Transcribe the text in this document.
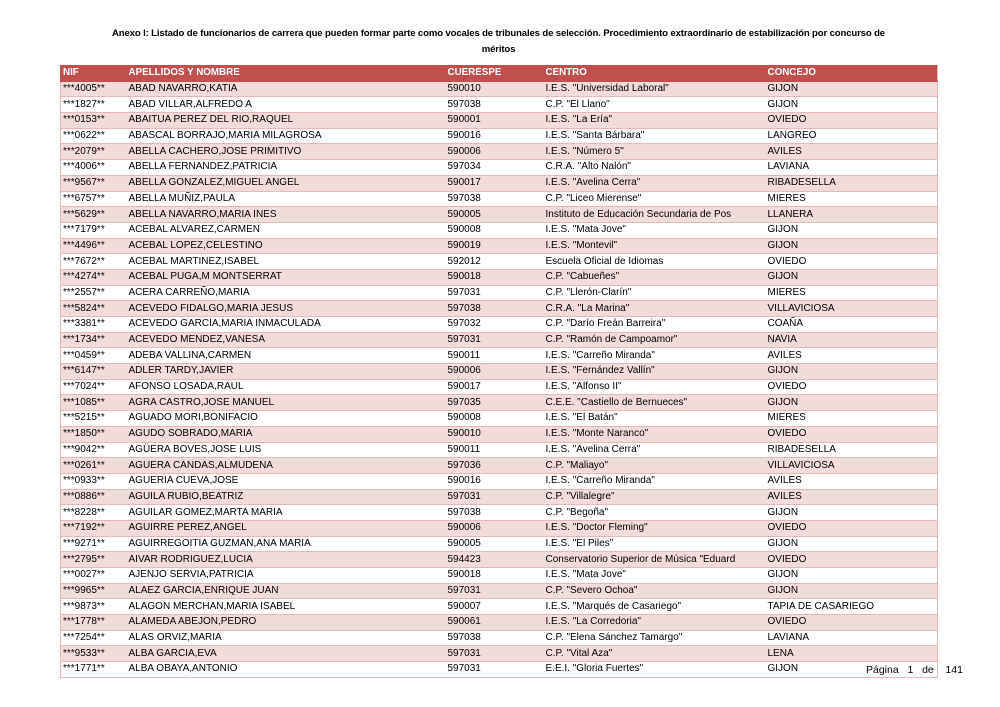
Anexo I: Listado de funcionarios de carrera que pueden formar parte como vocales de tribunales de selección. Procedimiento extraordinario de estabilización por concurso de
méritos
NIF	APELLIDOS Y NOMBRE	CUERESPE	CENTRO	CONCEJO
***4005**	ABAD NAVARRO,KATIA	590010	I.E.S. "Universidad Laboral"	GIJON
***1827**	ABAD VILLAR,ALFREDO A	597038	C.P. "El Llano"	GIJON
***0153**	ABAITUA PEREZ DEL RIO,RAQUEL	590001	I.E.S. "La Ería"	OVIEDO
***0622**	ABASCAL BORRAJO,MARIA MILAGROSA	590016	I.E.S. "Santa Bárbara"	LANGREO
***2079**	ABELLA CACHERO,JOSE PRIMITIVO	590006	I.E.S. "Número 5"	AVILES
***4006**	ABELLA FERNANDEZ,PATRICIA	597034	C.R.A. "Alto Nalón"	LAVIANA
***9567**	ABELLA GONZALEZ,MIGUEL ANGEL	590017	I.E.S. "Avelina Cerra"	RIBADESELLA
***6757**	ABELLA MUÑIZ,PAULA	597038	C.P. "Liceo Mierense"	MIERES
***5629**	ABELLA NAVARRO,MARIA INES	590005	Instituto de Educación Secundaria de Pos	LLANERA
***7179**	ACEBAL ALVAREZ,CARMEN	590008	I.E.S. "Mata Jove"	GIJON
***4496**	ACEBAL LOPEZ,CELESTINO	590019	I.E.S. "Montevil"	GIJON
***7672**	ACEBAL MARTINEZ,ISABEL	592012	Escuela Oficial de Idiomas	OVIEDO
***4274**	ACEBAL PUGA,M MONTSERRAT	590018	C.P. "Cabueñes"	GIJON
***2557**	ACERA CARREÑO,MARIA	597031	C.P. "Llerón-Clarín"	MIERES
***5824**	ACEVEDO FIDALGO,MARIA JESUS	597038	C.R.A. "La Marina"	VILLAVICIOSA
***3381**	ACEVEDO GARCIA,MARIA INMACULADA	597032	C.P. "Darío Freán Barreira"	COAÑA
***1734**	ACEVEDO MENDEZ,VANESA	597031	C.P. "Ramón de Campoamor"	NAVIA
***0459**	ADEBA VALLINA,CARMEN	590011	I.E.S. "Carreño Miranda"	AVILES
***6147**	ADLER TARDY,JAVIER	590006	I.E.S. "Fernández Vallín"	GIJON
***7024**	AFONSO LOSADA,RAUL	590017	I.E.S. "Alfonso II"	OVIEDO
***1085**	AGRA CASTRO,JOSE MANUEL	597035	C.E.E. "Castiello de Bernueces"	GIJON
***5215**	AGUADO MORI,BONIFACIO	590008	I.E.S. "El Batán"	MIERES
***1850**	AGUDO SOBRADO,MARIA	590010	I.E.S. "Monte Naranco"	OVIEDO
***9042**	AGÜERA BOVES,JOSE LUIS	590011	I.E.S. "Avelina Cerra"	RIBADESELLA
***0261**	AGUERA CANDAS,ALMUDENA	597036	C.P. "Maliayo"	VILLAVICIOSA
***0933**	AGUERIA CUEVA,JOSE	590016	I.E.S. "Carreño Miranda"	AVILES
***0886**	AGUILA RUBIO,BEATRIZ	597031	C.P. "Villalegre"	AVILES
***8228**	AGUILAR GOMEZ,MARTA MARIA	597038	C.P. "Begoña"	GIJON
***7192**	AGUIRRE PEREZ,ANGEL	590006	I.E.S. "Doctor Fleming"	OVIEDO
***9271**	AGUIRREGOITIA GUZMAN,ANA MARIA	590005	I.E.S. "El Piles"	GIJON
***2795**	AIVAR RODRIGUEZ,LUCIA	594423	Conservatorio Superior de Música "Eduard	OVIEDO
***0027**	AJENJO SERVIA,PATRICIA	590018	I.E.S. "Mata Jove"	GIJON
***9965**	ALAEZ GARCIA,ENRIQUE JUAN	597031	C.P. "Severo Ochoa"	GIJON
***9873**	ALAGON MERCHAN,MARIA ISABEL	590007	I.E.S. "Marqués de Casariego"	TAPIA DE CASARIEGO
***1778**	ALAMEDA ABEJON,PEDRO	590061	I.E.S. "La Corredoria"	OVIEDO
***7254**	ALAS ORVIZ,MARIA	597038	C.P. "Elena Sánchez Tamargo"	LAVIANA
***9533**	ALBA GARCIA,EVA	597031	C.P. "Vital Aza"	LENA
***1771**	ALBA OBAYA,ANTONIO	597031	E.E.I. "Gloria Fuertes"	GIJON	Página 1 de 141
